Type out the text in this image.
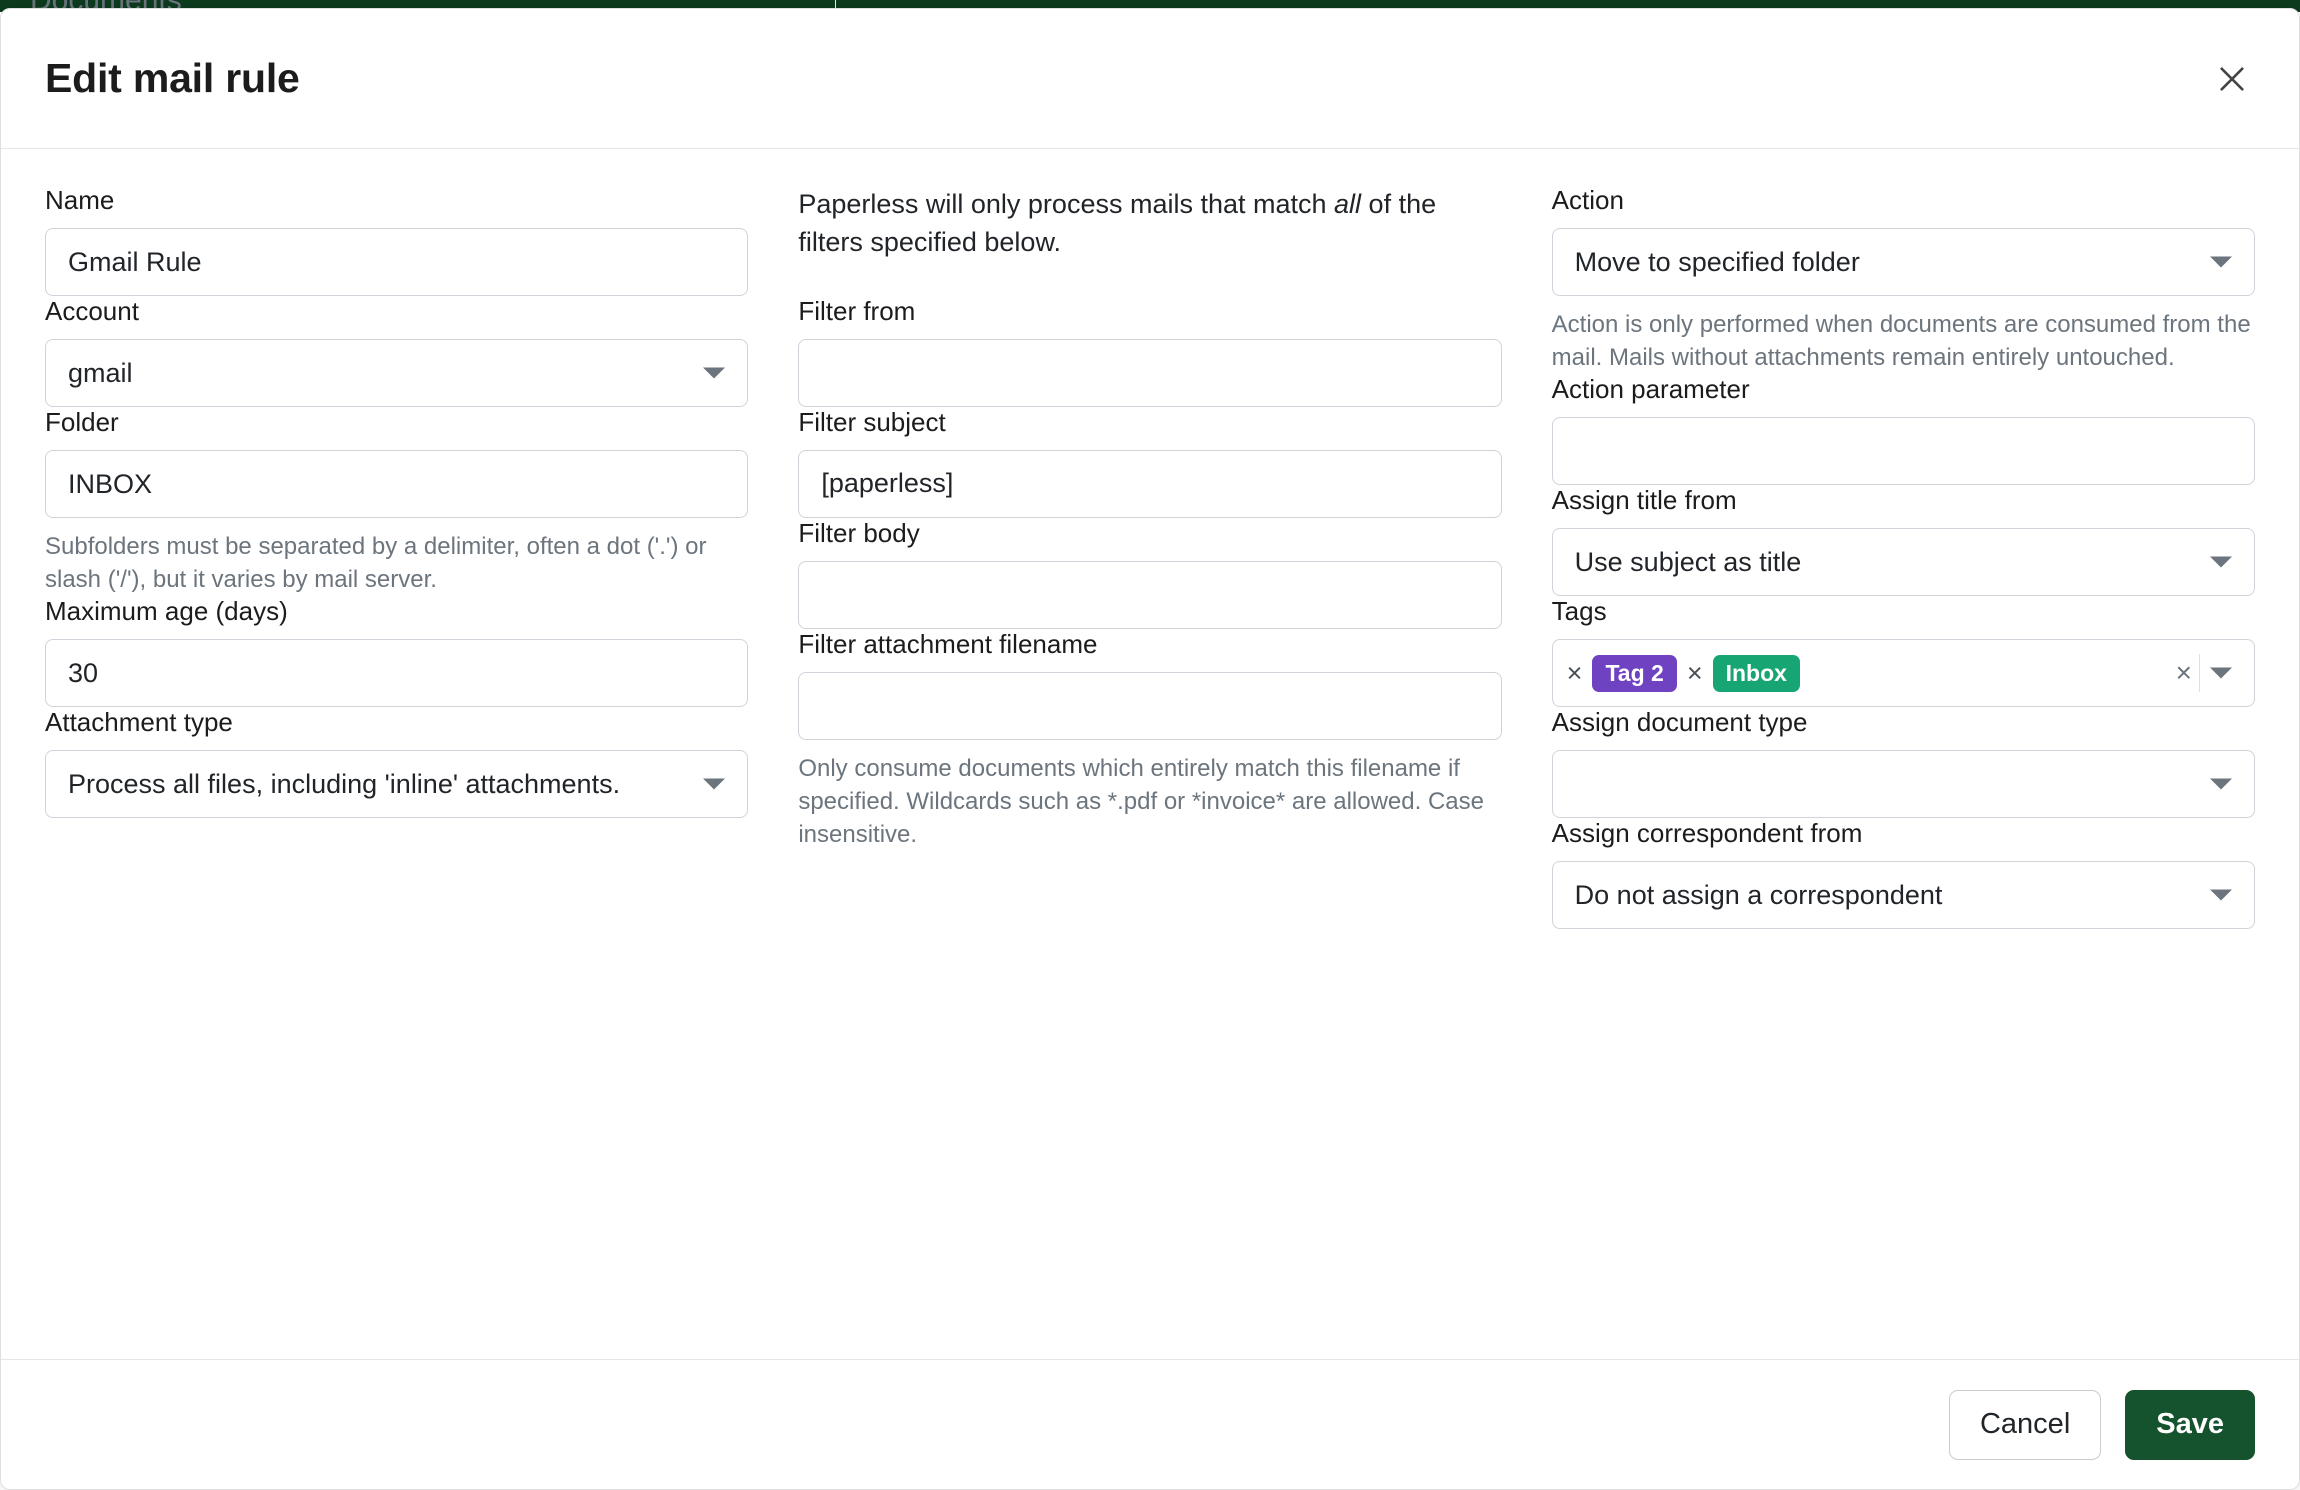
Edit mail rule
Name
Gmail Rule
Account
gmail
Folder
INBOX
Subfolders must be separated by a delimiter, often a dot ('.') or slash ('/'), but it varies by mail server.
Maximum age (days)
30
Attachment type
Process all files, including 'inline' attachments.

Paperless will only process mails that match all of the filters specified below.

Filter from
Filter subject
[paperless]
Filter body
Filter attachment filename
Only consume documents which entirely match this filename if specified. Wildcards such as *.pdf or *invoice* are allowed. Case insensitive.
Action
Move to specified folder
Action is only performed when documents are consumed from the mail. Mails without attachments remain entirely untouched.
Action parameter
Assign title from
Use subject as title
Tags
×	Tag 2 ×	Inbox	×
Assign document type
Assign correspondent from
Do not assign a correspondent
Cancel	Save
